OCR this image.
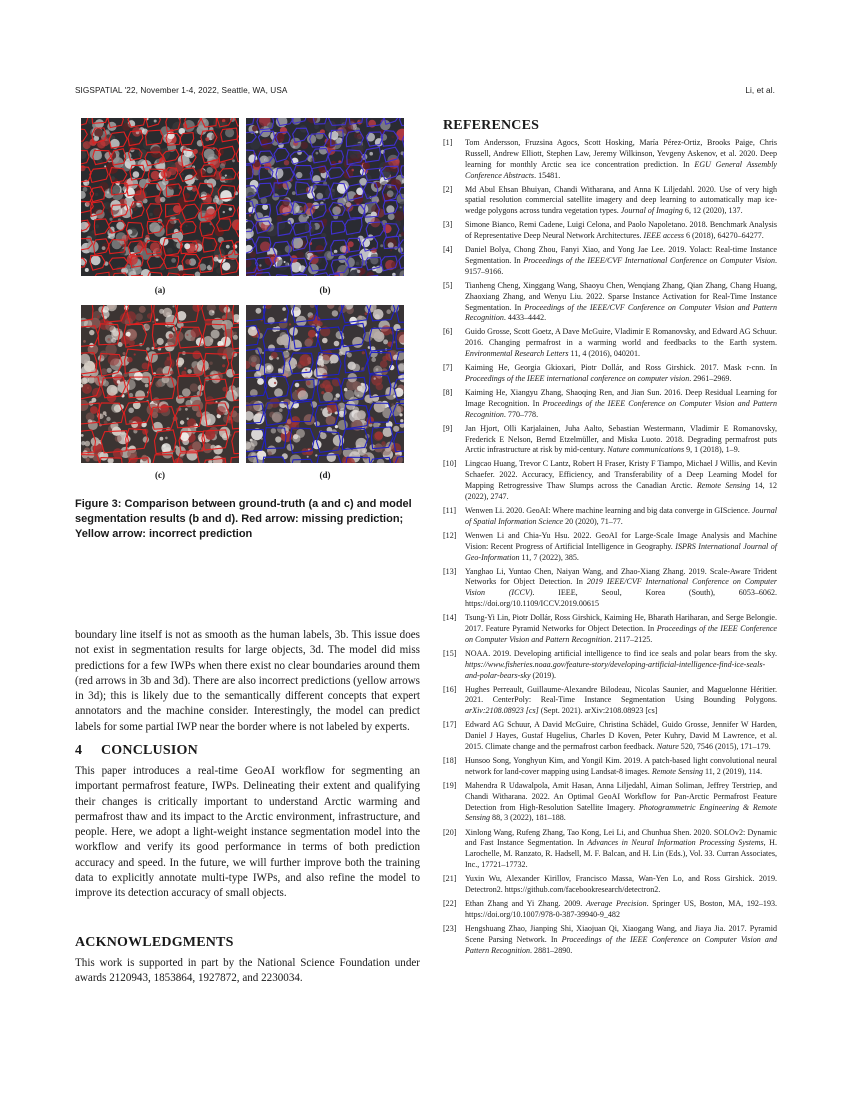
SIGSPATIAL '22, November 1-4, 2022, Seattle, WA, USA	Li, et al.
(a)	(b)
(c)	(d)
Figure 3: Comparison between ground-truth (a and c) and model segmentation results (b and d). Red arrow: missing prediction; Yellow arrow: incorrect prediction

boundary line itself is not as smooth as the human labels, 3b. This issue does not exist in segmentation results for large objects, 3d. The model did miss predictions for a few IWPs when there exist no clear boundaries around them (red arrows in 3b and 3d). There are also incorrect predictions (yellow arrows in 3d); this is likely due to the semantically different concepts that expert annotators and the machine consider. Interestingly, the model can predict labels for some partial IWP near the border where is not labeled by experts.

4 CONCLUSION

This paper introduces a real-time GeoAI workflow for segmenting an important permafrost feature, IWPs. Delineating their extent and qualifying their changes is critically important to understand Arctic warming and permafrost thaw and its impact to the Arctic environment, infrastructure, and people. Here, we adopt a light-weight instance segmentation model into the workflow and verify its good performance in terms of both prediction accuracy and speed. In the future, we will further improve both the training data to explicitly annotate multi-type IWPs, and also refine the model to improve its detection accuracy of small objects.

ACKNOWLEDGMENTS

This work is supported in part by the National Science Foundation under awards 2120943, 1853864, 1927872, and 2230034.

REFERENCES
[1]	Tom Andersson, Fruzsina Agocs, Scott Hosking, María Pérez-Ortiz, Brooks Paige, Chris Russell, Andrew Elliott, Stephen Law, Jeremy Wilkinson, Yevgeny Askenov, et al. 2020. Deep learning for monthly Arctic sea ice concentration prediction. In EGU General Assembly Conference Abstracts. 15481.
[2]	Md Abul Ehsan Bhuiyan, Chandi Witharana, and Anna K Liljedahl. 2020. Use of very high spatial resolution commercial satellite imagery and deep learning to automatically map ice-wedge polygons across tundra vegetation types. Journal of Imaging 6, 12 (2020), 137.
[3]	Simone Bianco, Remi Cadene, Luigi Celona, and Paolo Napoletano. 2018. Benchmark Analysis of Representative Deep Neural Network Architectures. IEEE access 6 (2018), 64270–64277.
[4]	Daniel Bolya, Chong Zhou, Fanyi Xiao, and Yong Jae Lee. 2019. Yolact: Real-time Instance Segmentation. In Proceedings of the IEEE/CVF International Conference on Computer Vision. 9157–9166.
[5]	Tianheng Cheng, Xinggang Wang, Shaoyu Chen, Wenqiang Zhang, Qian Zhang, Chang Huang, Zhaoxiang Zhang, and Wenyu Liu. 2022. Sparse Instance Activation for Real-Time Instance Segmentation. In Proceedings of the IEEE/CVF Conference on Computer Vision and Pattern Recognition. 4433–4442.
[6]	Guido Grosse, Scott Goetz, A Dave McGuire, Vladimir E Romanovsky, and Edward AG Schuur. 2016. Changing permafrost in a warming world and feedbacks to the Earth system. Environmental Research Letters 11, 4 (2016), 040201.
[7]	Kaiming He, Georgia Gkioxari, Piotr Dollár, and Ross Girshick. 2017. Mask r-cnn. In Proceedings of the IEEE international conference on computer vision. 2961–2969.
[8]	Kaiming He, Xiangyu Zhang, Shaoqing Ren, and Jian Sun. 2016. Deep Residual Learning for Image Recognition. In Proceedings of the IEEE Conference on Computer Vision and Pattern Recognition. 770–778.
[9]	Jan Hjort, Olli Karjalainen, Juha Aalto, Sebastian Westermann, Vladimir E Romanovsky, Frederick E Nelson, Bernd Etzelmüller, and Miska Luoto. 2018. Degrading permafrost puts Arctic infrastructure at risk by mid-century. Nature communications 9, 1 (2018), 1–9.
[10]	Lingcao Huang, Trevor C Lantz, Robert H Fraser, Kristy F Tiampo, Michael J Willis, and Kevin Schaefer. 2022. Accuracy, Efficiency, and Transferability of a Deep Learning Model for Mapping Retrogressive Thaw Slumps across the Canadian Arctic. Remote Sensing 14, 12 (2022), 2747.
[11]	Wenwen Li. 2020. GeoAI: Where machine learning and big data converge in GIScience. Journal of Spatial Information Science 20 (2020), 71–77.
[12]	Wenwen Li and Chia-Yu Hsu. 2022. GeoAI for Large-Scale Image Analysis and Machine Vision: Recent Progress of Artificial Intelligence in Geography. ISPRS International Journal of Geo-Information 11, 7 (2022), 385.
[13]	Yanghao Li, Yuntao Chen, Naiyan Wang, and Zhao-Xiang Zhang. 2019. Scale-Aware Trident Networks for Object Detection. In 2019 IEEE/CVF International Conference on Computer Vision (ICCV). IEEE, Seoul, Korea (South), 6053–6062. https://doi.org/10.1109/ICCV.2019.00615
[14]	Tsung-Yi Lin, Piotr Dollár, Ross Girshick, Kaiming He, Bharath Hariharan, and Serge Belongie. 2017. Feature Pyramid Networks for Object Detection. In Proceedings of the IEEE Conference on Computer Vision and Pattern Recognition. 2117–2125.
[15]	NOAA. 2019. Developing artificial intelligence to find ice seals and polar bears from the sky. https://www.fisheries.noaa.gov/feature-story/developing-artificial-intelligence-find-ice-seals-and-polar-bears-sky (2019).
[16]	Hughes Perreault, Guillaume-Alexandre Bilodeau, Nicolas Saunier, and Maguelonne Héritier. 2021. CenterPoly: Real-Time Instance Segmentation Using Bounding Polygons. arXiv:2108.08923 [cs] (Sept. 2021). arXiv:2108.08923 [cs]
[17]	Edward AG Schuur, A David McGuire, Christina Schädel, Guido Grosse, Jennifer W Harden, Daniel J Hayes, Gustaf Hugelius, Charles D Koven, Peter Kuhry, David M Lawrence, et al. 2015. Climate change and the permafrost carbon feedback. Nature 520, 7546 (2015), 171–179.
[18]	Hunsoo Song, Yonghyun Kim, and Yongil Kim. 2019. A patch-based light convolutional neural network for land-cover mapping using Landsat-8 images. Remote Sensing 11, 2 (2019), 114.
[19]	Mahendra R Udawalpola, Amit Hasan, Anna Liljedahl, Aiman Soliman, Jeffrey Terstriep, and Chandi Witharana. 2022. An Optimal GeoAI Workflow for Pan-Arctic Permafrost Feature Detection from High-Resolution Satellite Imagery. Photogrammetric Engineering & Remote Sensing 88, 3 (2022), 181–188.
[20]	Xinlong Wang, Rufeng Zhang, Tao Kong, Lei Li, and Chunhua Shen. 2020. SOLOv2: Dynamic and Fast Instance Segmentation. In Advances in Neural Information Processing Systems, H. Larochelle, M. Ranzato, R. Hadsell, M. F. Balcan, and H. Lin (Eds.), Vol. 33. Curran Associates, Inc., 17721–17732.
[21]	Yuxin Wu, Alexander Kirillov, Francisco Massa, Wan-Yen Lo, and Ross Girshick. 2019. Detectron2. https://github.com/facebookresearch/detectron2.
[22]	Ethan Zhang and Yi Zhang. 2009. Average Precision. Springer US, Boston, MA, 192–193. https://doi.org/10.1007/978-0-387-39940-9_482
[23]	Hengshuang Zhao, Jianping Shi, Xiaojuan Qi, Xiaogang Wang, and Jiaya Jia. 2017. Pyramid Scene Parsing Network. In Proceedings of the IEEE Conference on Computer Vision and Pattern Recognition. 2881–2890.
